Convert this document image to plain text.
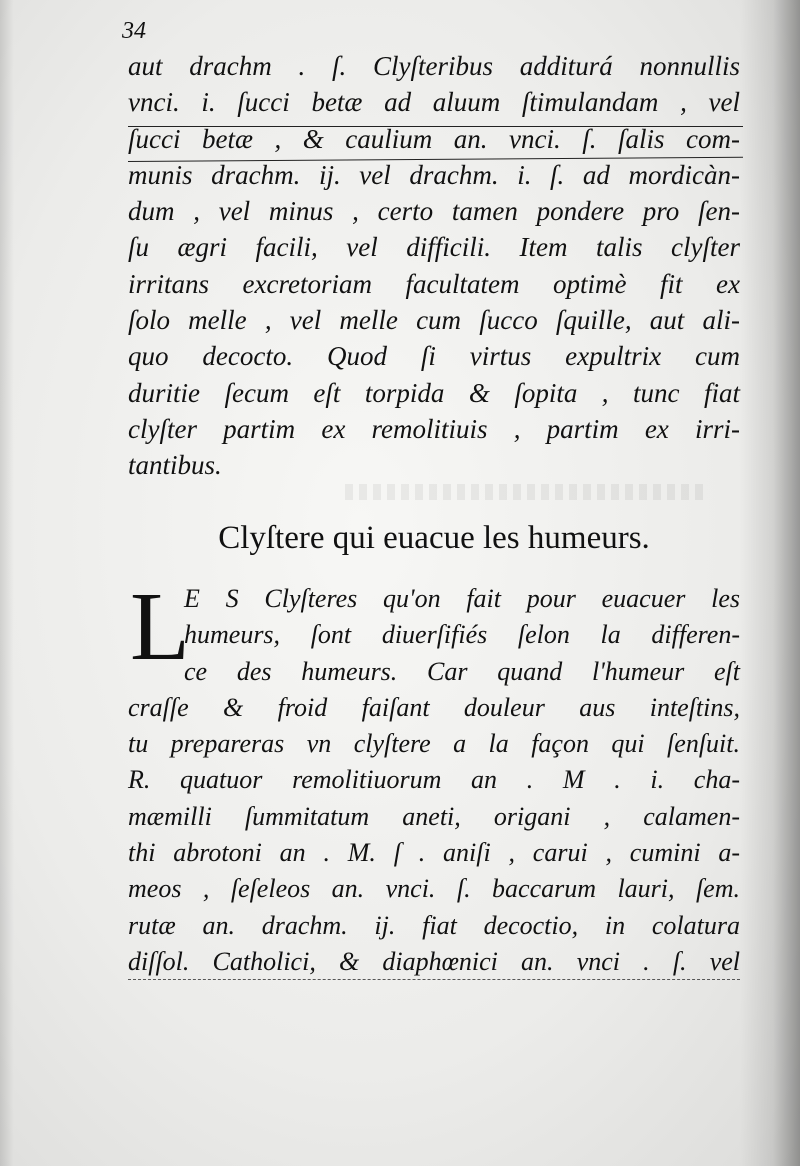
34
aut drachm . ſ. Clyſteribus additurá nonnullis
vnci. i. ſucci betæ ad aluum ſtimulandam , vel
ſucci betæ , & caulium an. vnci. ſ. ſalis com-
munis drachm. ij. vel drachm. i. ſ. ad mordicàn-
dum , vel minus , certo tamen pondere pro ſen-
ſu ægri facili, vel difficili. Item talis clyſter
irritans excretoriam facultatem optimè fit ex
ſolo melle , vel melle cum ſucco ſquille, aut ali-
quo decocto. Quod ſi virtus expultrix cum
duritie ſecum eſt torpida & ſopita , tunc fiat
clyſter partim ex remolitiuis , partim ex irri-
tantibus.
Clyſtere qui euacue les humeurs.
L
E S Clyſteres qu'on fait pour euacuer les
humeurs, ſont diuerſifiés ſelon la differen-
ce des humeurs. Car quand l'humeur eſt
craſſe & froid faiſant douleur aus inteſtins,
tu prepareras vn clyſtere a la façon qui ſenſuit.
R. quatuor remolitiuorum an . M . i. cha-
mæmilli ſummitatum aneti, origani , calamen-
thi abrotoni an . M. ſ . aniſi , carui , cumini a-
meos , ſeſeleos an. vnci. ſ. baccarum lauri, ſem.
rutæ an. drachm. ij. fiat decoctio, in colatura
diſſol. Catholici, & diaphœnici an. vnci . ſ. vel
